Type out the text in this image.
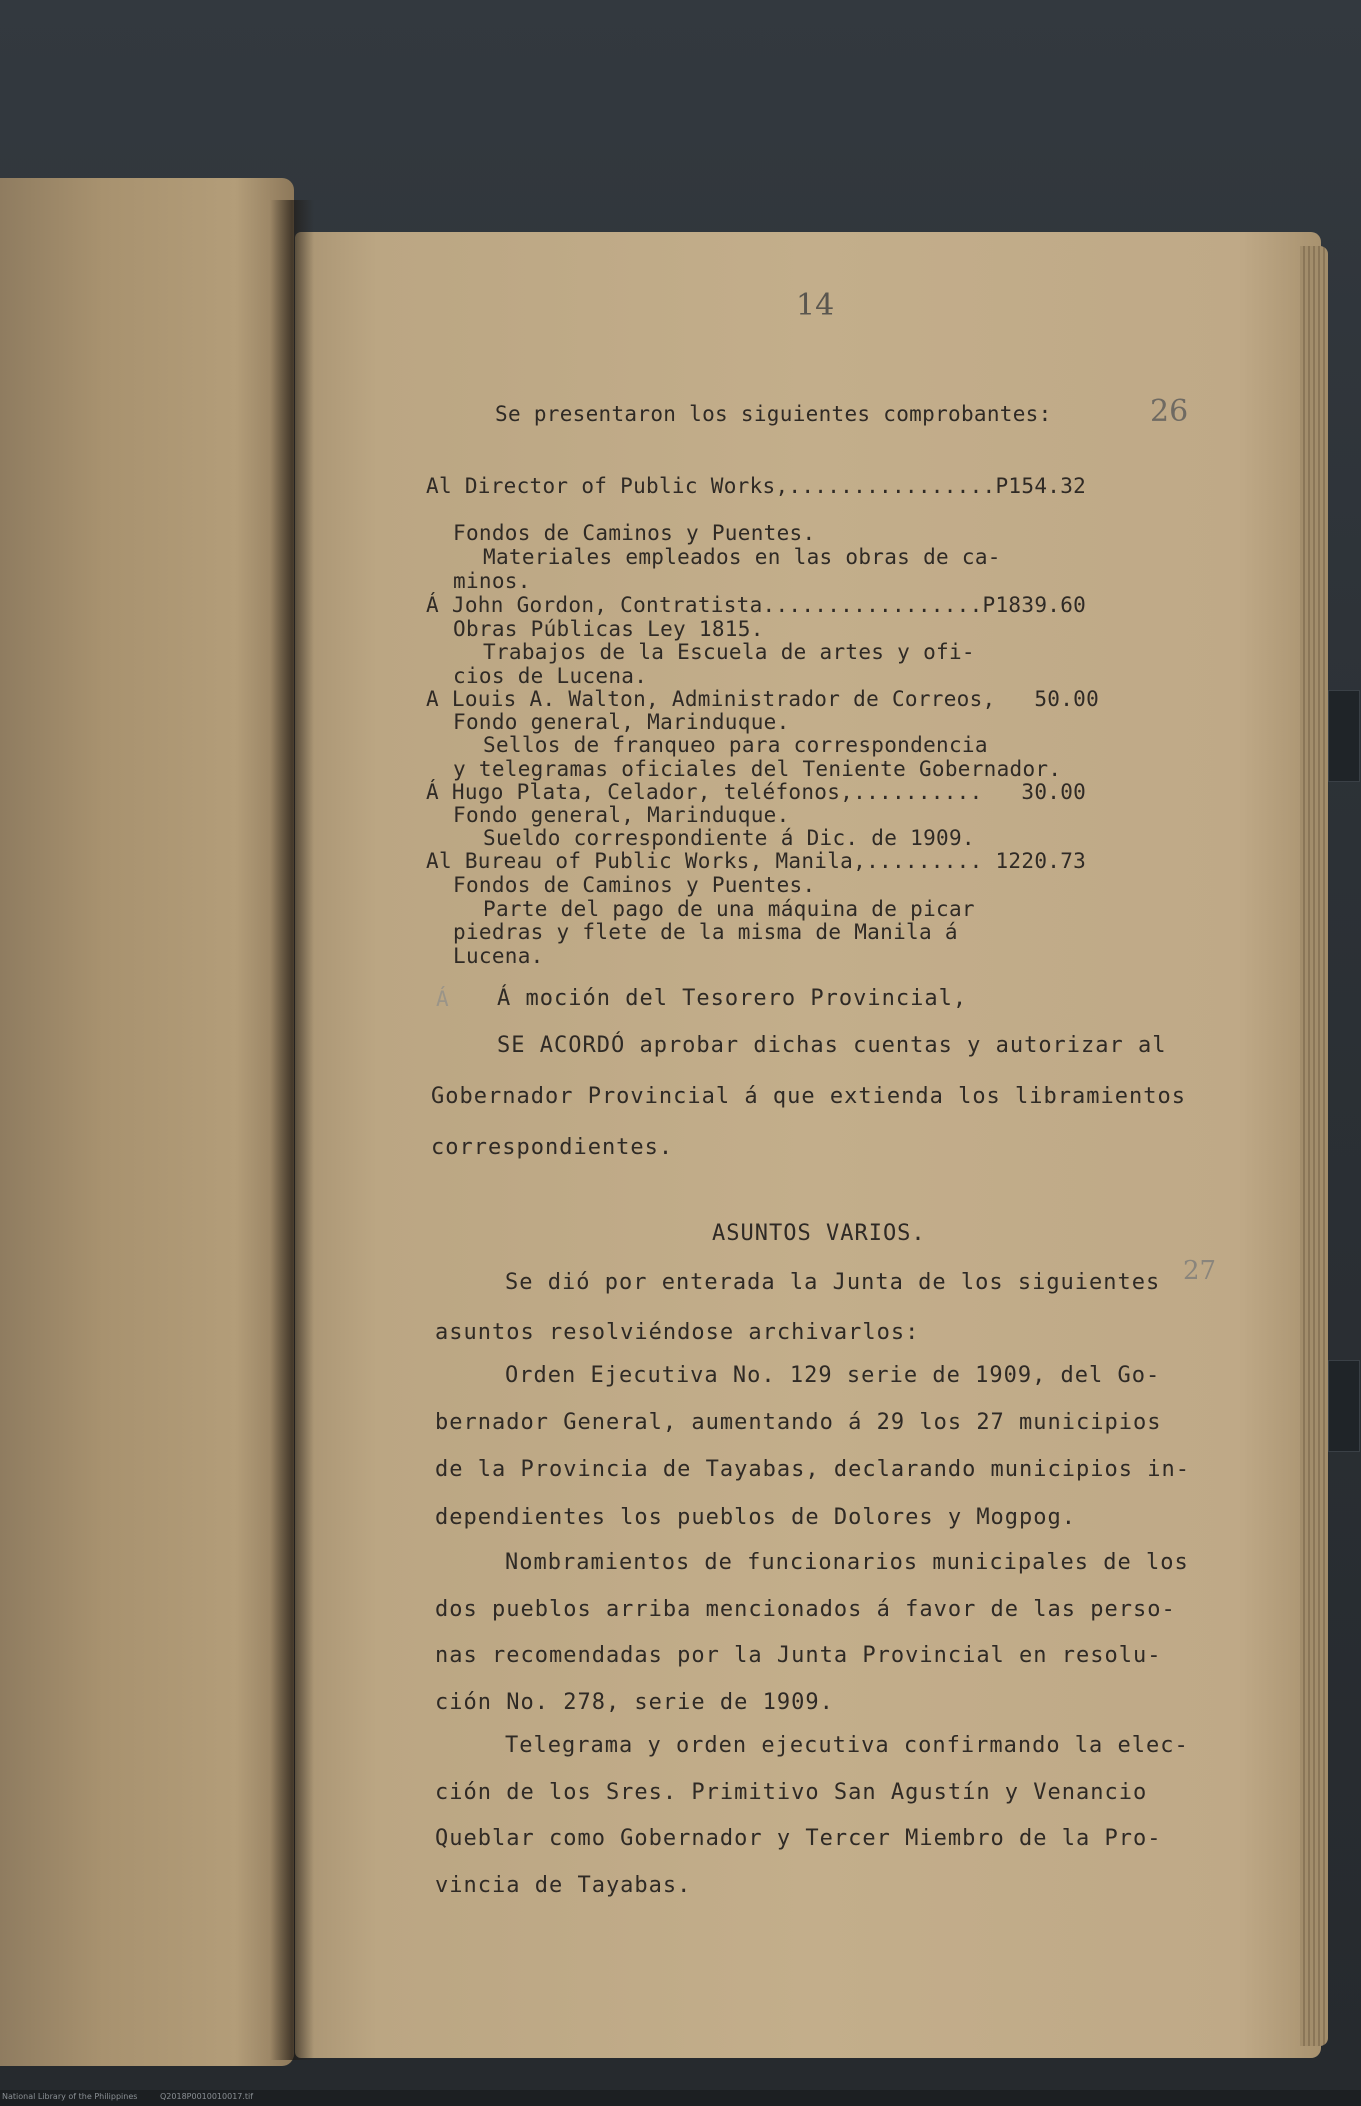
14
26
27
Se presentaron los siguientes comprobantes:
Al Director of Public Works,................P154.32
Fondos de Caminos y Puentes.
Materiales empleados en las obras de ca-
minos.
Á John Gordon, Contratista.................P1839.60
Obras Públicas Ley 1815.
Trabajos de la Escuela de artes y ofi-
cios de Lucena.
A Louis A. Walton, Administrador de Correos,   50.00
Fondo general, Marinduque.
Sellos de franqueo para correspondencia
y telegramas oficiales del Teniente Gobernador.
Á Hugo Plata, Celador, teléfonos,..........   30.00
Fondo general, Marinduque.
Sueldo correspondiente á Dic. de 1909.
Al Bureau of Public Works, Manila,......... 1220.73
Fondos de Caminos y Puentes.
Parte del pago de una máquina de picar
piedras y flete de la misma de Manila á
Lucena.
Á Á moción del Tesorero Provincial,
SE ACORDÓ aprobar dichas cuentas y autorizar al
Gobernador Provincial á que extienda los libramientos
correspondientes.
ASUNTOS VARIOS.
Se dió por enterada la Junta de los siguientes
asuntos resolviéndose archivarlos:
Orden Ejecutiva No. 129 serie de 1909, del Go-
bernador General, aumentando á 29 los 27 municipios
de la Provincia de Tayabas, declarando municipios in-
dependientes los pueblos de Dolores y Mogpog.
Nombramientos de funcionarios municipales de los
dos pueblos arriba mencionados á favor de las perso-
nas recomendadas por la Junta Provincial en resolu-
ción No. 278, serie de 1909.
Telegrama y orden ejecutiva confirmando la elec-
ción de los Sres. Primitivo San Agustín y Venancio
Queblar como Gobernador y Tercer Miembro de la Pro-
vincia de Tayabas.
National Library of the Philippines	Q2018P0010010017.tif
